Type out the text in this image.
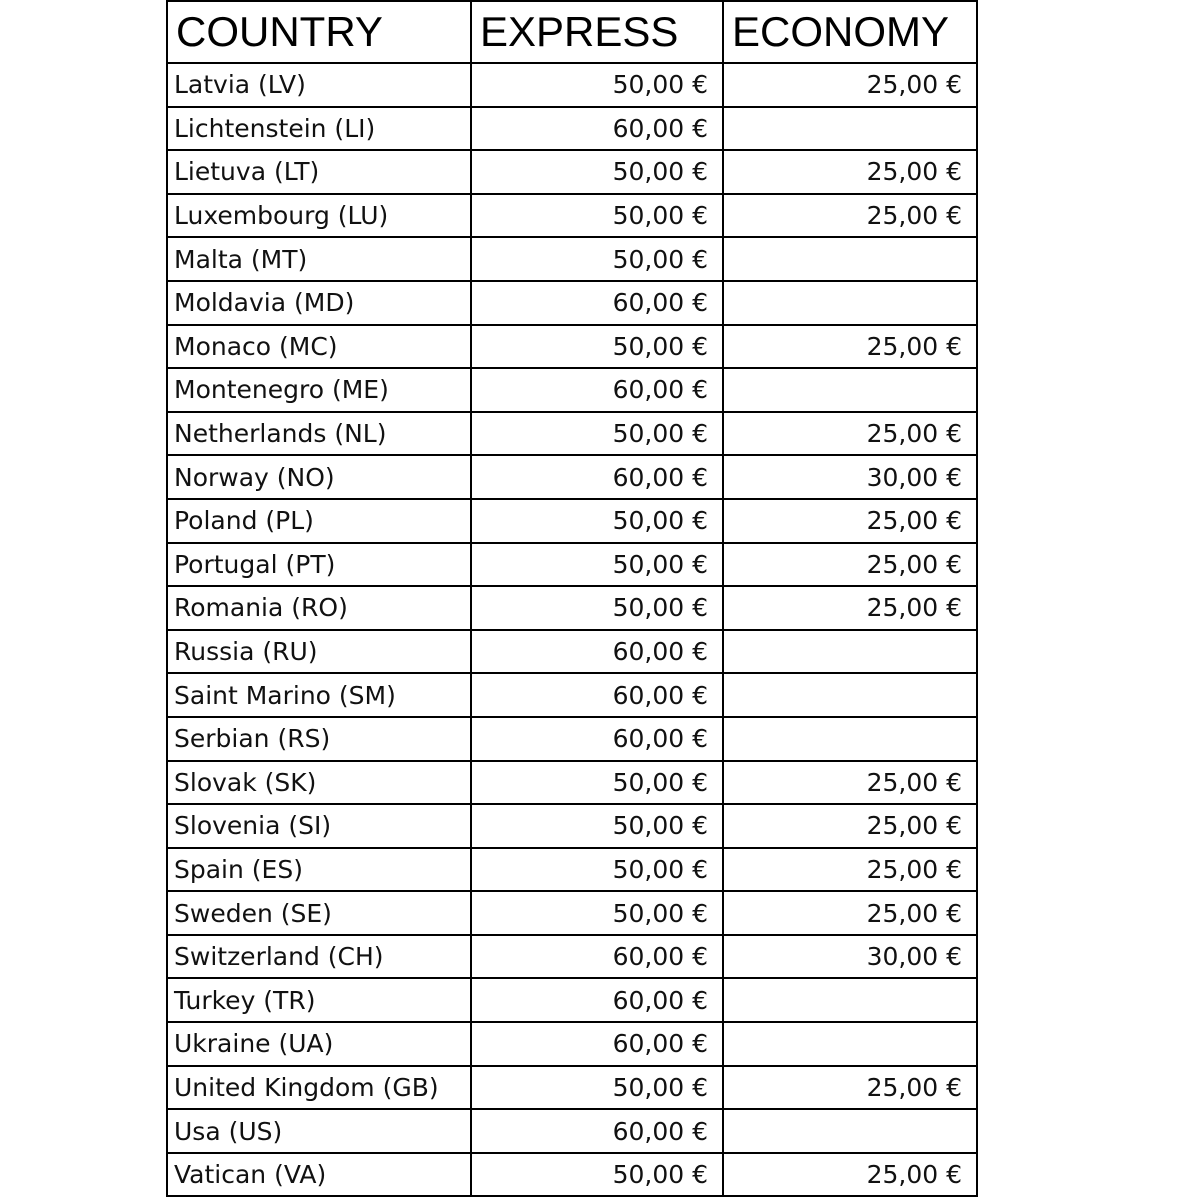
COUNTRY	EXPRESS	ECONOMY
Latvia (LV)	50,00 €	25,00 €
Lichtenstein (LI)	60,00 €	
Lietuva (LT)	50,00 €	25,00 €
Luxembourg (LU)	50,00 €	25,00 €
Malta (MT)	50,00 €	
Moldavia (MD)	60,00 €	
Monaco (MC)	50,00 €	25,00 €
Montenegro (ME)	60,00 €	
Netherlands (NL)	50,00 €	25,00 €
Norway (NO)	60,00 €	30,00 €
Poland (PL)	50,00 €	25,00 €
Portugal (PT)	50,00 €	25,00 €
Romania (RO)	50,00 €	25,00 €
Russia (RU)	60,00 €	
Saint Marino (SM)	60,00 €	
Serbian (RS)	60,00 €	
Slovak (SK)	50,00 €	25,00 €
Slovenia (SI)	50,00 €	25,00 €
Spain (ES)	50,00 €	25,00 €
Sweden (SE)	50,00 €	25,00 €
Switzerland (CH)	60,00 €	30,00 €
Turkey (TR)	60,00 €	
Ukraine (UA)	60,00 €	
United Kingdom (GB)	50,00 €	25,00 €
Usa (US)	60,00 €	
Vatican (VA)	50,00 €	25,00 €
